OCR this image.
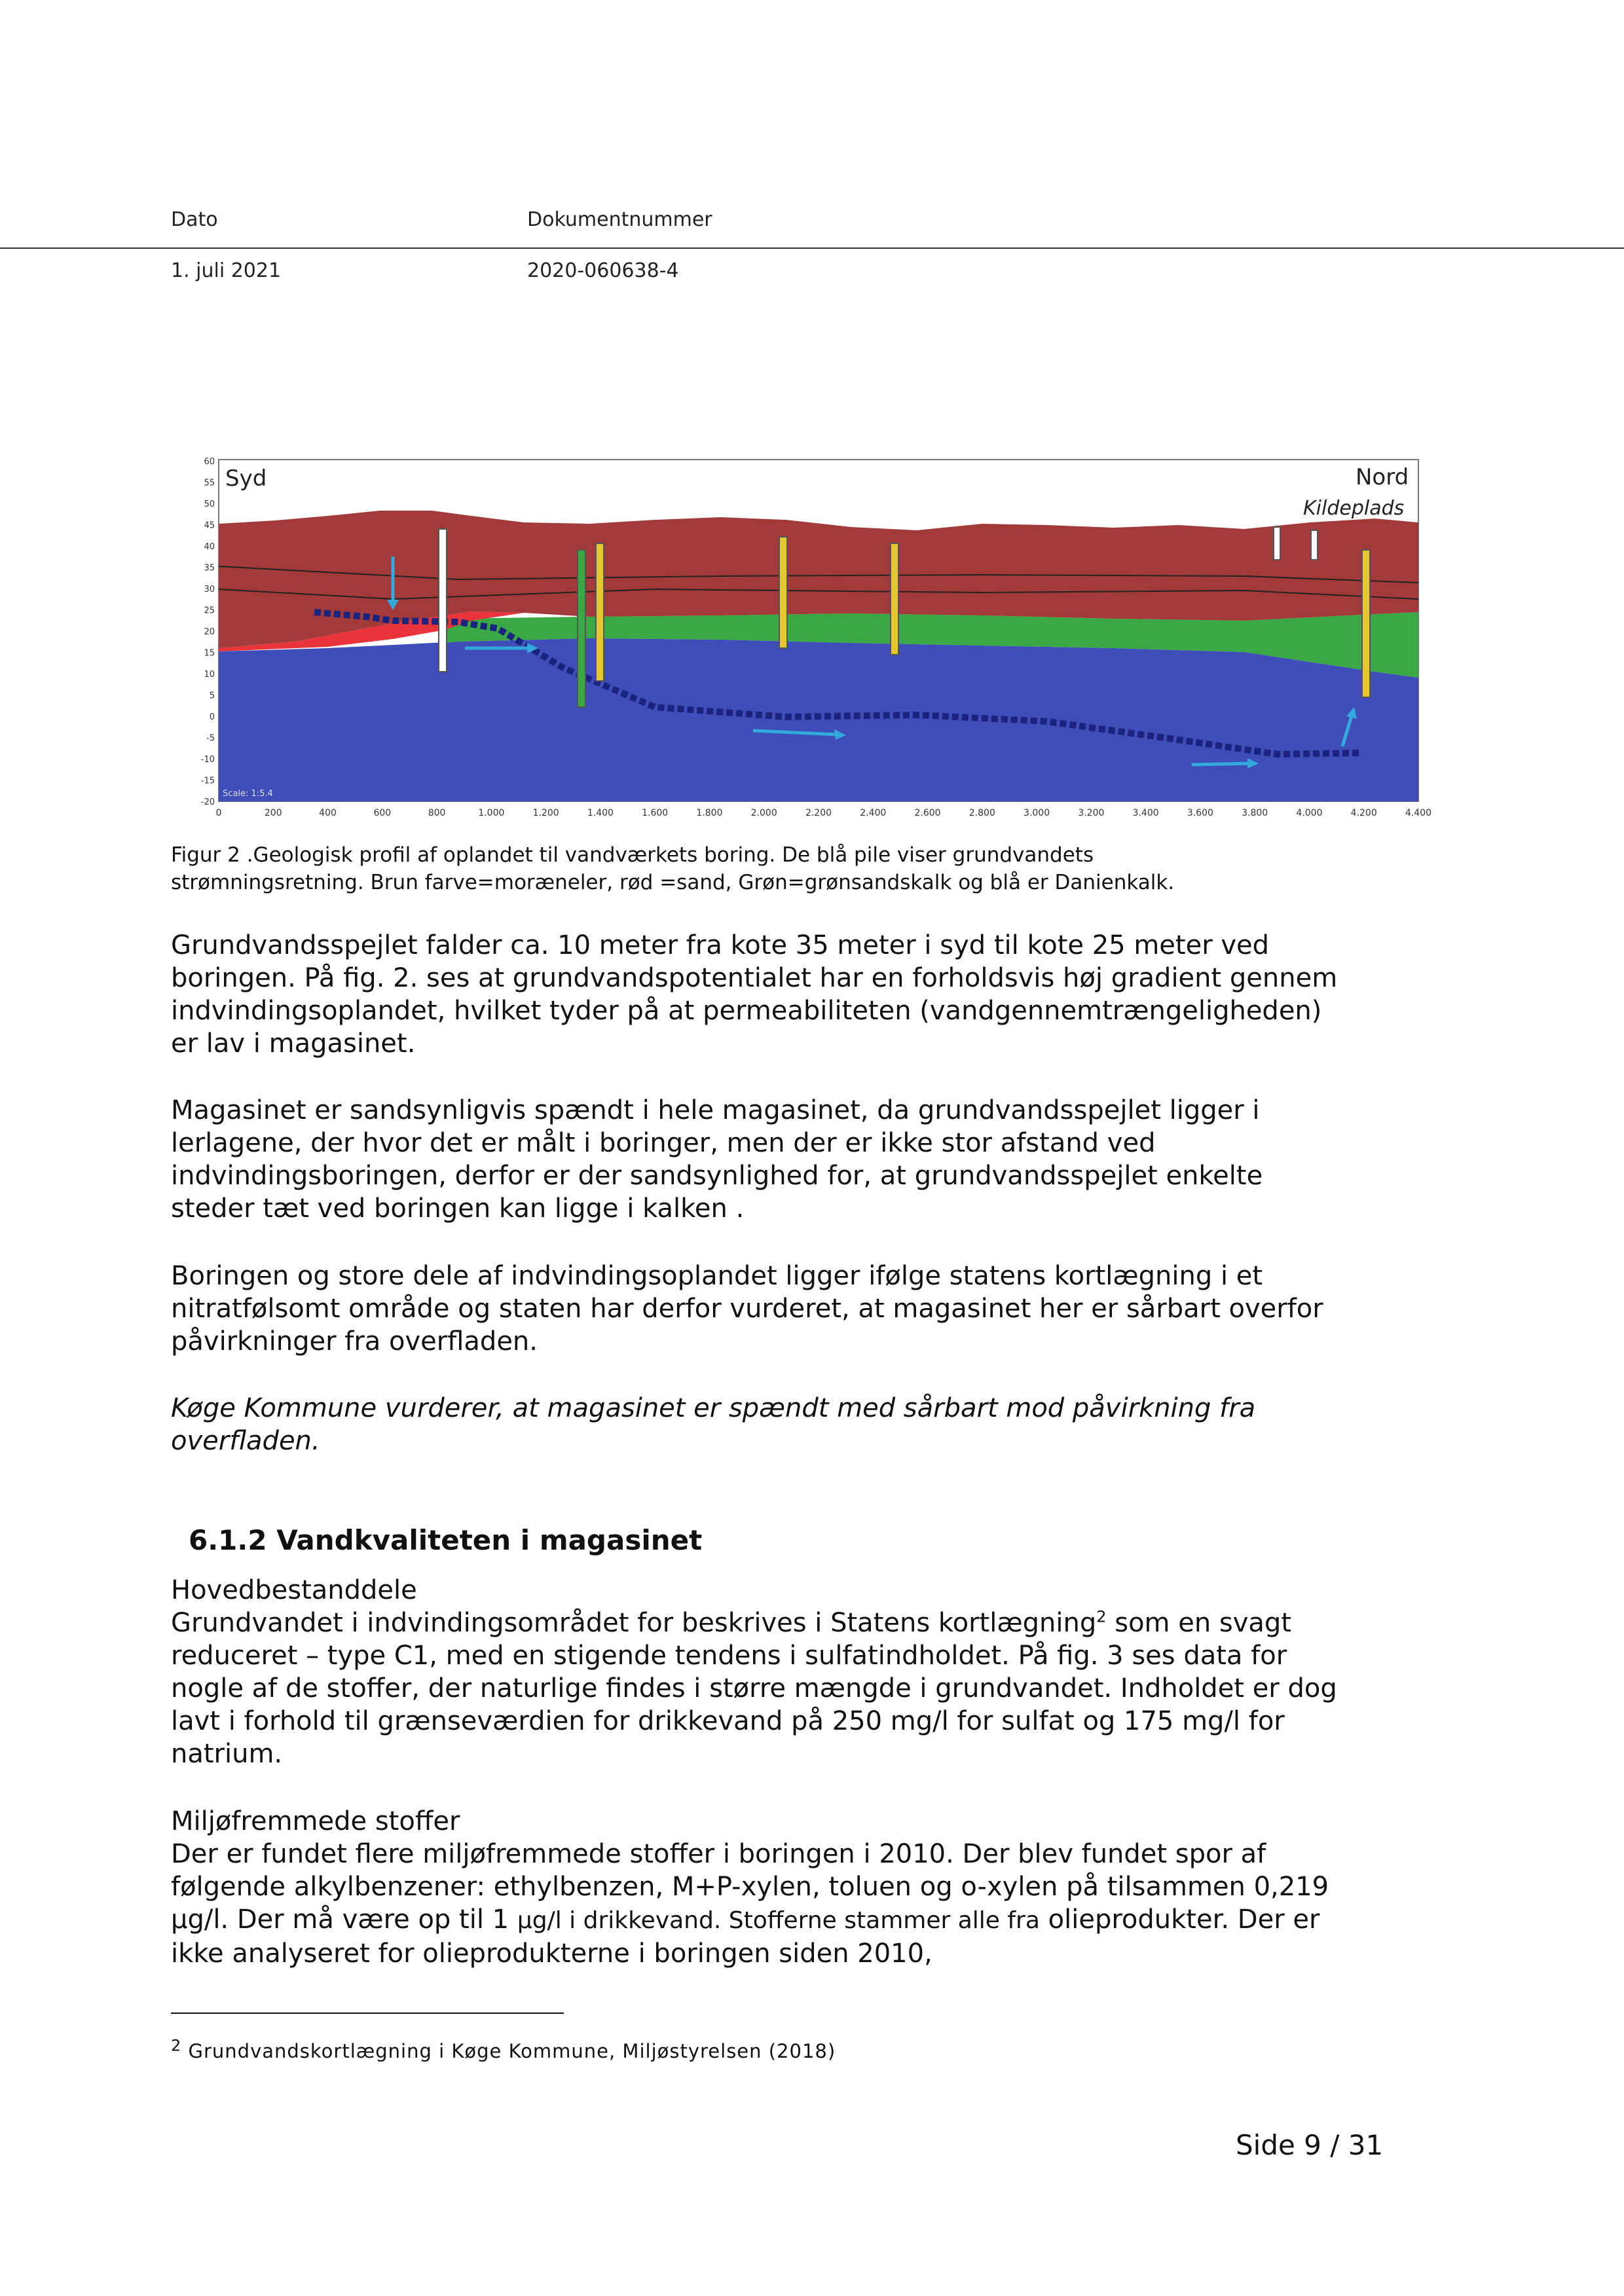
Dato	Dokumentnummer
1. juli 2021	2020-060638-4
Scale: 1:5.4
Syd	Nord
Kildeplads
60
55
50
45
40
35
30
25
20
15
10
5
0
-5
-10
-15
-20
0	200	400	600	800	1.000	1.200	1.400	1.600	1.800	2.000	2.200	2.400	2.600	2.800	3.000	3.200	3.400	3.600	3.800	4.000	4.200	4.400
Figur 2 .Geologisk profil af oplandet til vandværkets boring. De blå pile viser grundvandets
strømningsretning. Brun farve=moræneler, rød =sand, Grøn=grønsandskalk og blå er Danienkalk.

Grundvandsspejlet falder ca. 10 meter fra kote 35 meter i syd til kote 25 meter ved boringen. På fig. 2. ses at grundvandspotentialet har en forholdsvis høj gradient gennem indvindingsoplandet, hvilket tyder på at permeabiliteten (vandgennemtrængeligheden) er lav i magasinet.

Magasinet er sandsynligvis spændt i hele magasinet, da grundvandsspejlet ligger i lerlagene, der hvor det er målt i boringer, men der er ikke stor afstand ved indvindingsboringen, derfor er der sandsynlighed for, at grundvandsspejlet enkelte steder tæt ved boringen kan ligge i kalken .

Boringen og store dele af indvindingsoplandet ligger ifølge statens kortlægning i et nitratfølsomt område og staten har derfor vurderet, at magasinet her er sårbart overfor påvirkninger fra overfladen.

Køge Kommune vurderer, at magasinet er spændt med sårbart mod påvirkning fra overfladen.

6.1.2 Vandkvaliteten i magasinet

Hovedbestanddele

Grundvandet i indvindingsområdet for beskrives i Statens kortlægning$^2$ som en svagt reduceret – type C1, med en stigende tendens i sulfatindholdet. På fig. 3 ses data for nogle af de stoffer, der naturlige findes i større mængde i grundvandet. Indholdet er dog lavt i forhold til grænseværdien for drikkevand på 250 mg/l for sulfat og 175 mg/l for natrium.

Miljøfremmede stoffer

Der er fundet flere miljøfremmede stoffer i boringen i 2010. Der blev fundet spor af følgende alkylbenzener: ethylbenzen, M+P-xylen, toluen og o-xylen på tilsammen 0,219 µg/l. Der må være op til 1 µg/l i drikkevand. Stofferne stammer alle fra olieprodukter. Der er ikke analyseret for olieprodukterne i boringen siden 2010,

$^2$ Grundvandskortlægning i Køge Kommune, Miljøstyrelsen (2018)
Side 9 / 31
